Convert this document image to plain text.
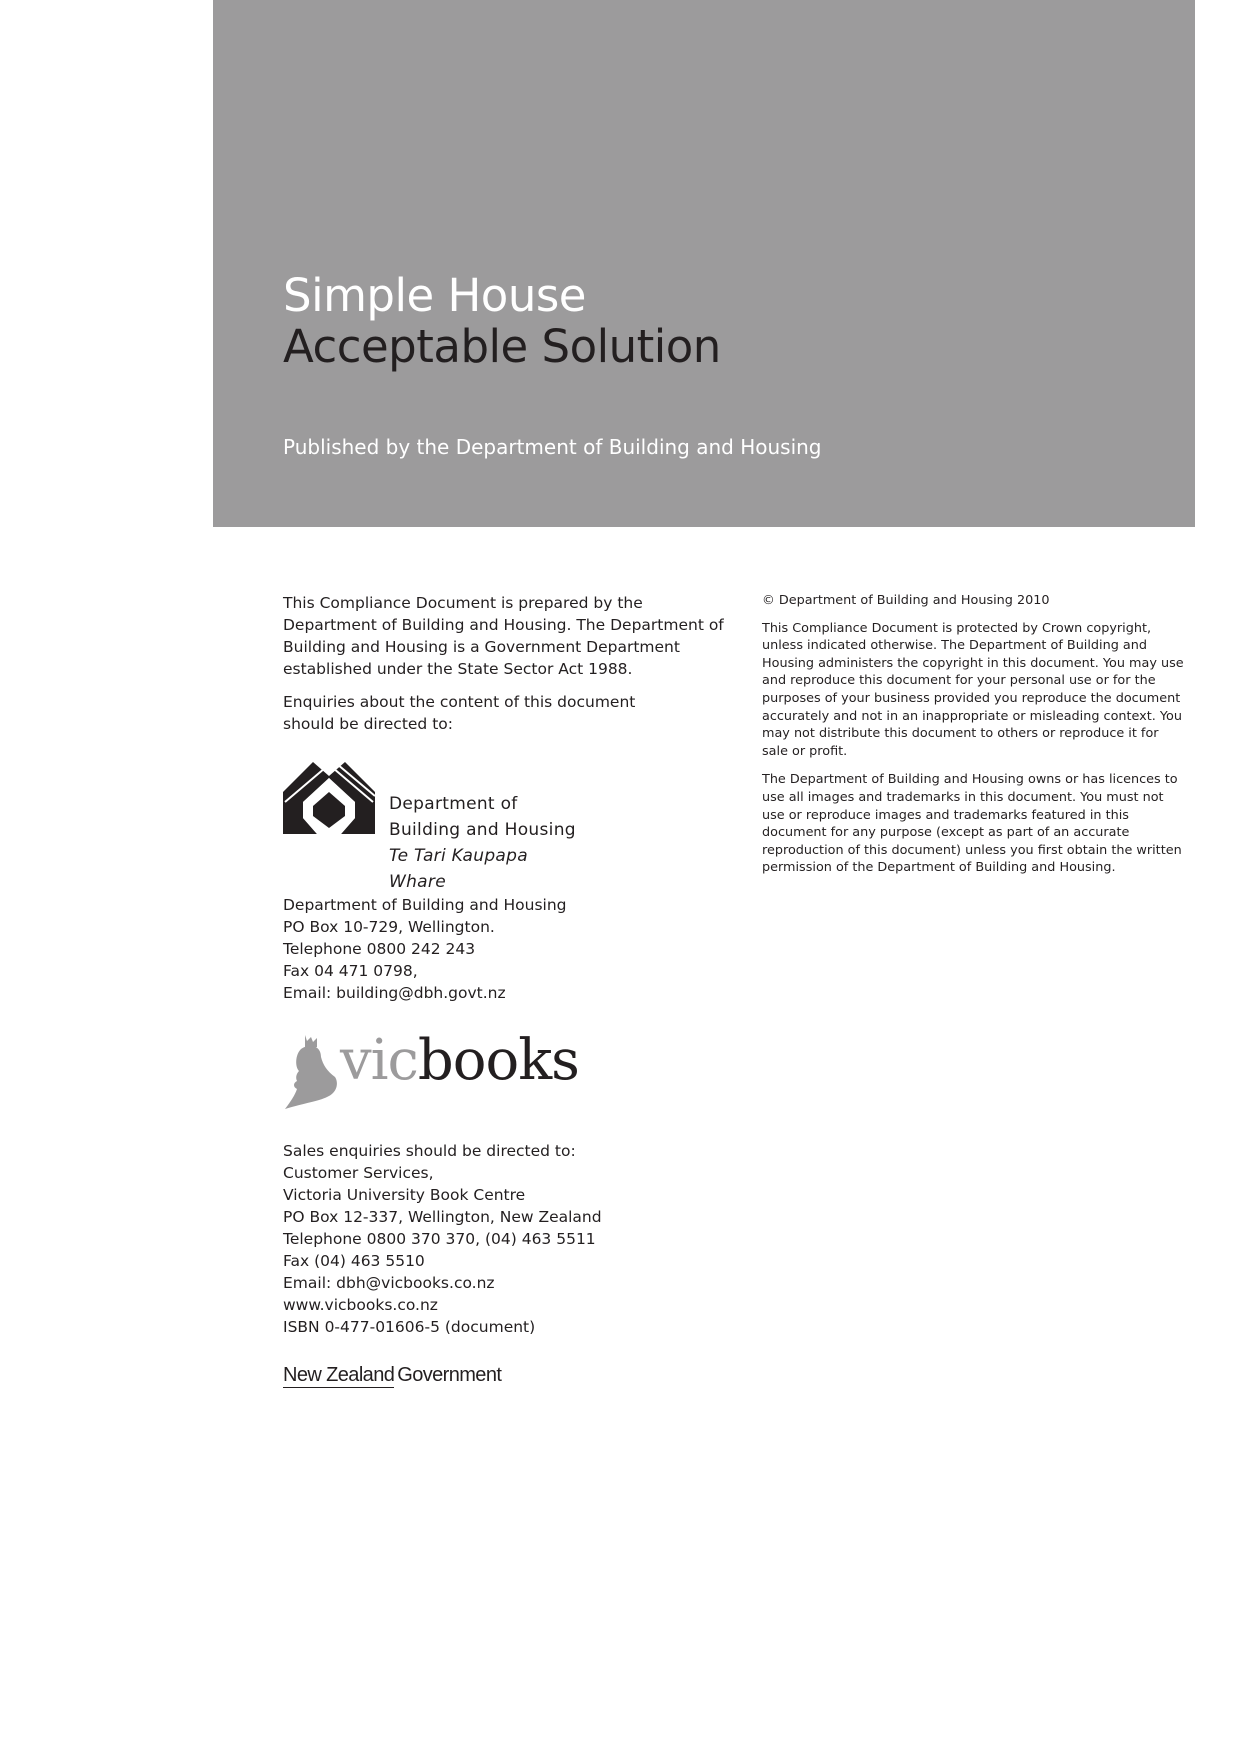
Simple House
Acceptable Solution

Published by the Department of Building and Housing

This Compliance Document is prepared by the Department of Building and Housing. The Department of Building and Housing is a Government Department established under the State Sector Act 1988.

Enquiries about the content of this document should be directed to:

Department of
Building and Housing
Te Tari Kaupapa Whare
Department of Building and Housing
PO Box 10-729, Wellington.
Telephone 0800 242 243
Fax 04 471 0798,
Email: building@dbh.govt.nz
vicbooks
Sales enquiries should be directed to:
Customer Services,
Victoria University Book Centre
PO Box 12-337, Wellington, New Zealand
Telephone 0800 370 370, (04) 463 5511
Fax (04) 463 5510
Email: dbh@vicbooks.co.nz
www.vicbooks.co.nz
ISBN 0-477-01606-5 (document)
New Zealand Government

© Department of Building and Housing 2010

This Compliance Document is protected by Crown copyright, unless indicated otherwise. The Department of Building and Housing administers the copyright in this document. You may use and reproduce this document for your personal use or for the purposes of your business provided you reproduce the document accurately and not in an inappropriate or misleading context. You may not distribute this document to others or reproduce it for sale or profit.

The Department of Building and Housing owns or has licences to use all images and trademarks in this document. You must not use or reproduce images and trademarks featured in this document for any purpose (except as part of an accurate reproduction of this document) unless you first obtain the written permission of the Department of Building and Housing.
